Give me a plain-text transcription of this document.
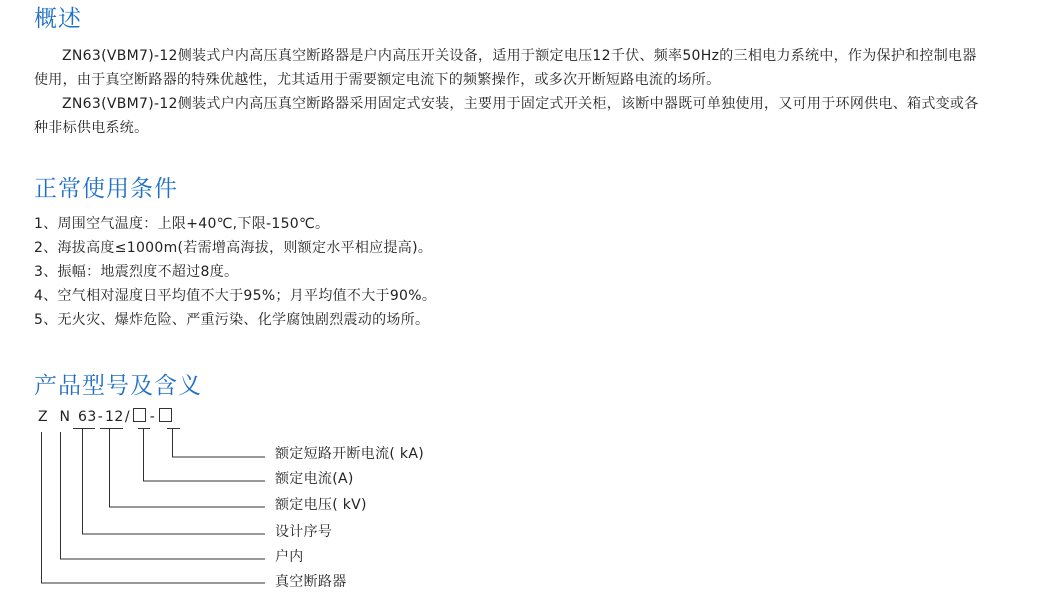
概述

ZN63(VBM7)-12侧装式户内高压真空断路器是户内高压开关设备，适用于额定电压12千伏、频率50Hz的三相电力系统中，作为保护和控制电器使用，由于真空断路器的特殊优越性，尤其适用于需要额定电流下的频繁操作，或多次开断短路电流的场所。

ZN63(VBM7)-12侧装式户内高压真空断路器采用固定式安装，主要用于固定式开关柜，该断中器既可单独使用，又可用于环网供电、箱式变或各种非标供电系统。

正常使用条件

1、周围空气温度：上限+40℃,下限-150℃。

2、海拔高度≤1000m(若需增高海拔，则额定水平相应提高)。

3、振幅：地震烈度不超过8度。

4、空气相对湿度日平均值不大于95%；月平均值不大于90%。

5、无火灾、爆炸危险、严重污染、化学腐蚀剧烈震动的场所。

产品型号及含义
Z N 63- 12/ -
额定短路开断电流( kA)
额定电流(A)
额定电压( kV)
设计序号
户内
真空断路器
